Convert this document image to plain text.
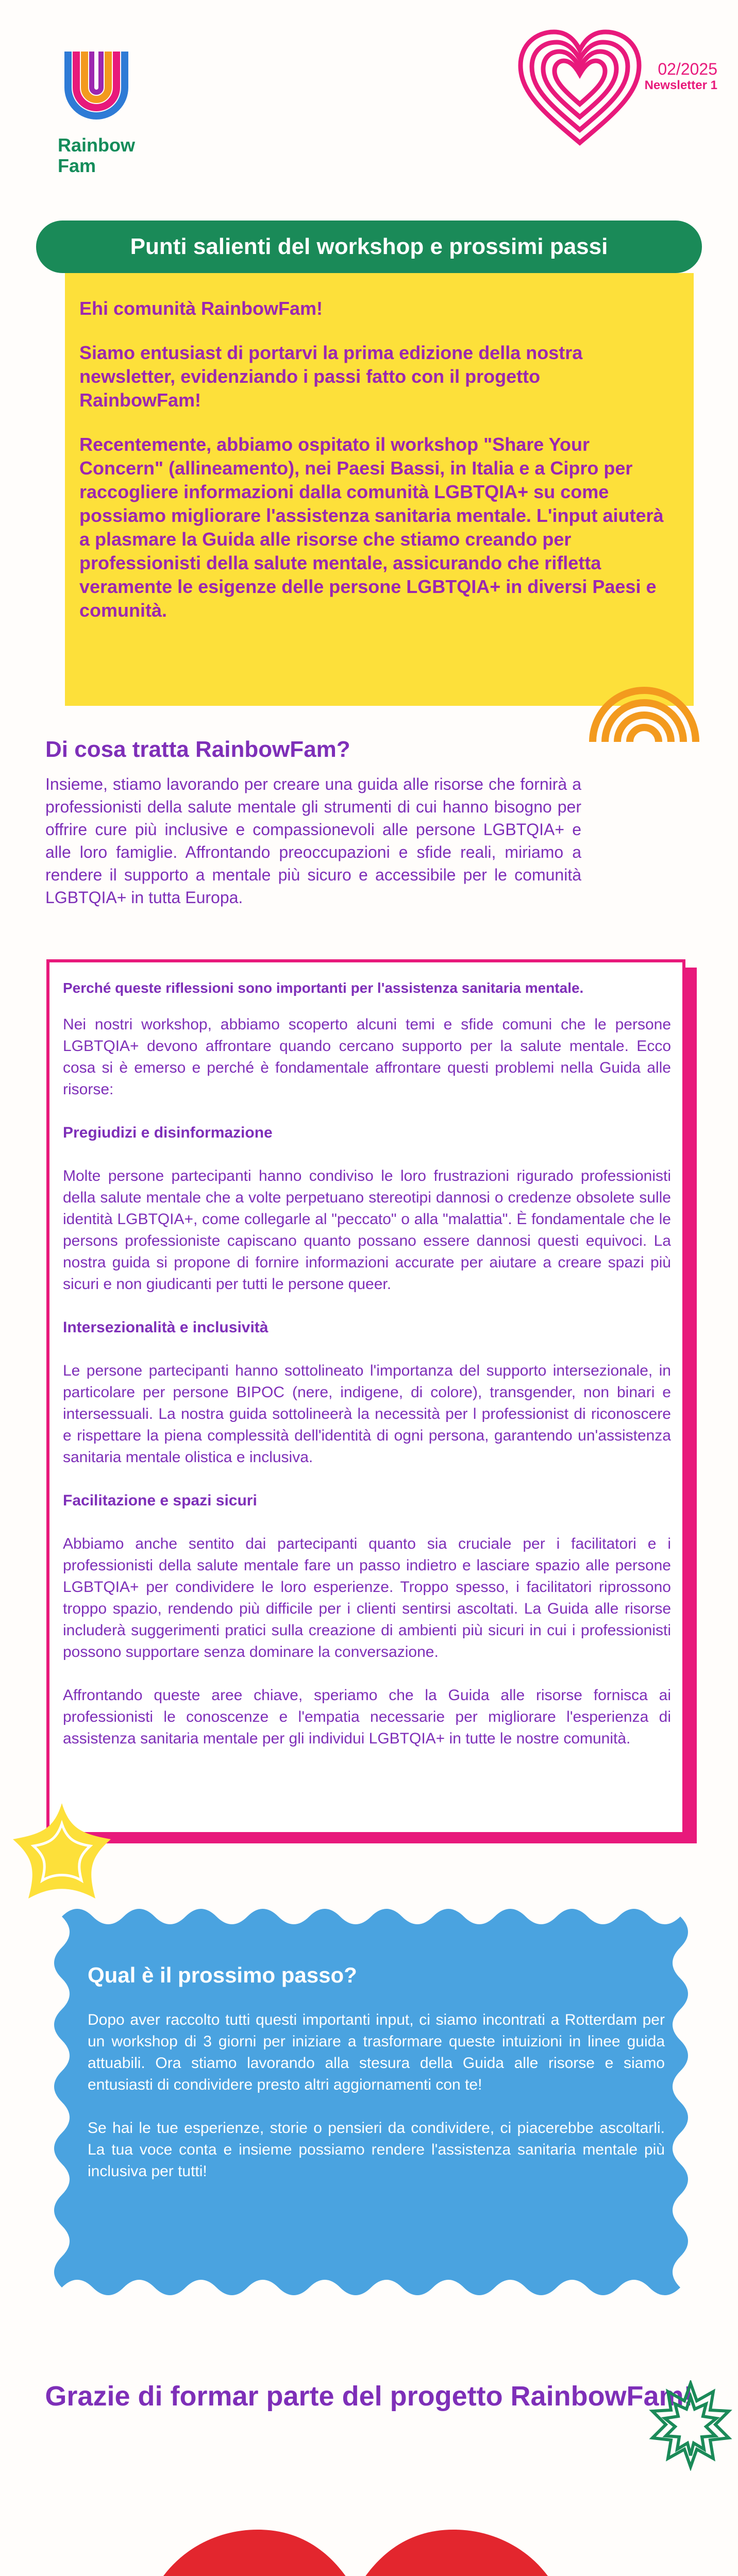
Rainbow
Fam
02/2025
Newsletter 1

Ehi comunità RainbowFam!

Siamo entusiast di portarvi la prima edizione della nostra newsletter, evidenziando i passi fatto con il progetto RainbowFam!

Recentemente, abbiamo ospitato il workshop "Share Your Concern" (allineamento), nei Paesi Bassi, in Italia e a Cipro per raccogliere informazioni dalla comunità LGBTQIA+ su come possiamo migliorare l'assistenza sanitaria mentale. L'input aiuterà a plasmare la Guida alle risorse che stiamo creando per professionisti della salute mentale, assicurando che rifletta veramente le esigenze delle persone LGBTQIA+ in diversi Paesi e comunità.

Punti salienti del workshop e prossimi passi
Di cosa tratta RainbowFam?
Insieme, stiamo lavorando per creare una guida alle risorse che fornirà a professionisti della salute mentale gli strumenti di cui hanno bisogno per offrire cure più inclusive e compassionevoli alle persone LGBTQIA+ e alle loro famiglie. Affrontando preoccupazioni e sfide reali, miriamo a rendere il supporto a mentale più sicuro e accessibile per le comunità LGBTQIA+ in tutta Europa.
Perché queste riflessioni sono importanti per l'assistenza sanitaria mentale.

Nei nostri workshop, abbiamo scoperto alcuni temi e sfide comuni che le persone LGBTQIA+ devono affrontare quando cercano supporto per la salute mentale. Ecco cosa si è emerso e perché è fondamentale affrontare questi problemi nella Guida alle risorse:

Pregiudizi e disinformazione

Molte persone partecipanti hanno condiviso le loro frustrazioni rigurado professionisti della salute mentale che a volte perpetuano stereotipi dannosi o credenze obsolete sulle identità LGBTQIA+, come collegarle al "peccato" o alla "malattia". È fondamentale che le persons professioniste capiscano quanto possano essere dannosi questi equivoci. La nostra guida si propone di fornire informazioni accurate per aiutare a creare spazi più sicuri e non giudicanti per tutti le persone queer.

Intersezionalità e inclusività

Le persone partecipanti hanno sottolineato l'importanza del supporto intersezionale, in particolare per persone BIPOC (nere, indigene, di colore), transgender, non binari e intersessuali. La nostra guida sottolineerà la necessità per l professionist di riconoscere e rispettare la piena complessità dell'identità di ogni persona, garantendo un'assistenza sanitaria mentale olistica e inclusiva.

Facilitazione e spazi sicuri

Abbiamo anche sentito dai partecipanti quanto sia cruciale per i facilitatori e i professionisti della salute mentale fare un passo indietro e lasciare spazio alle persone LGBTQIA+ per condividere le loro esperienze. Troppo spesso, i facilitatori riprossono troppo spazio, rendendo più difficile per i clienti sentirsi ascoltati. La Guida alle risorse includerà suggerimenti pratici sulla creazione di ambienti più sicuri in cui i professionisti possono supportare senza dominare la conversazione.

Affrontando queste aree chiave, speriamo che la Guida alle risorse fornisca ai professionisti le conoscenze e l'empatia necessarie per migliorare l'esperienza di assistenza sanitaria mentale per gli individui LGBTQIA+ in tutte le nostre comunità.

Qual è il prossimo passo?

Dopo aver raccolto tutti questi importanti input, ci siamo incontrati a Rotterdam per un workshop di 3 giorni per iniziare a trasformare queste intuizioni in linee guida attuabili. Ora stiamo lavorando alla stesura della Guida alle risorse e siamo entusiasti di condividere presto altri aggiornamenti con te!

Se hai le tue esperienze, storie o pensieri da condividere, ci piacerebbe ascoltarli. La tua voce conta e insieme possiamo rendere l'assistenza sanitaria mentale più inclusiva per tutti!

Grazie di formar parte del progetto RainbowFam!
